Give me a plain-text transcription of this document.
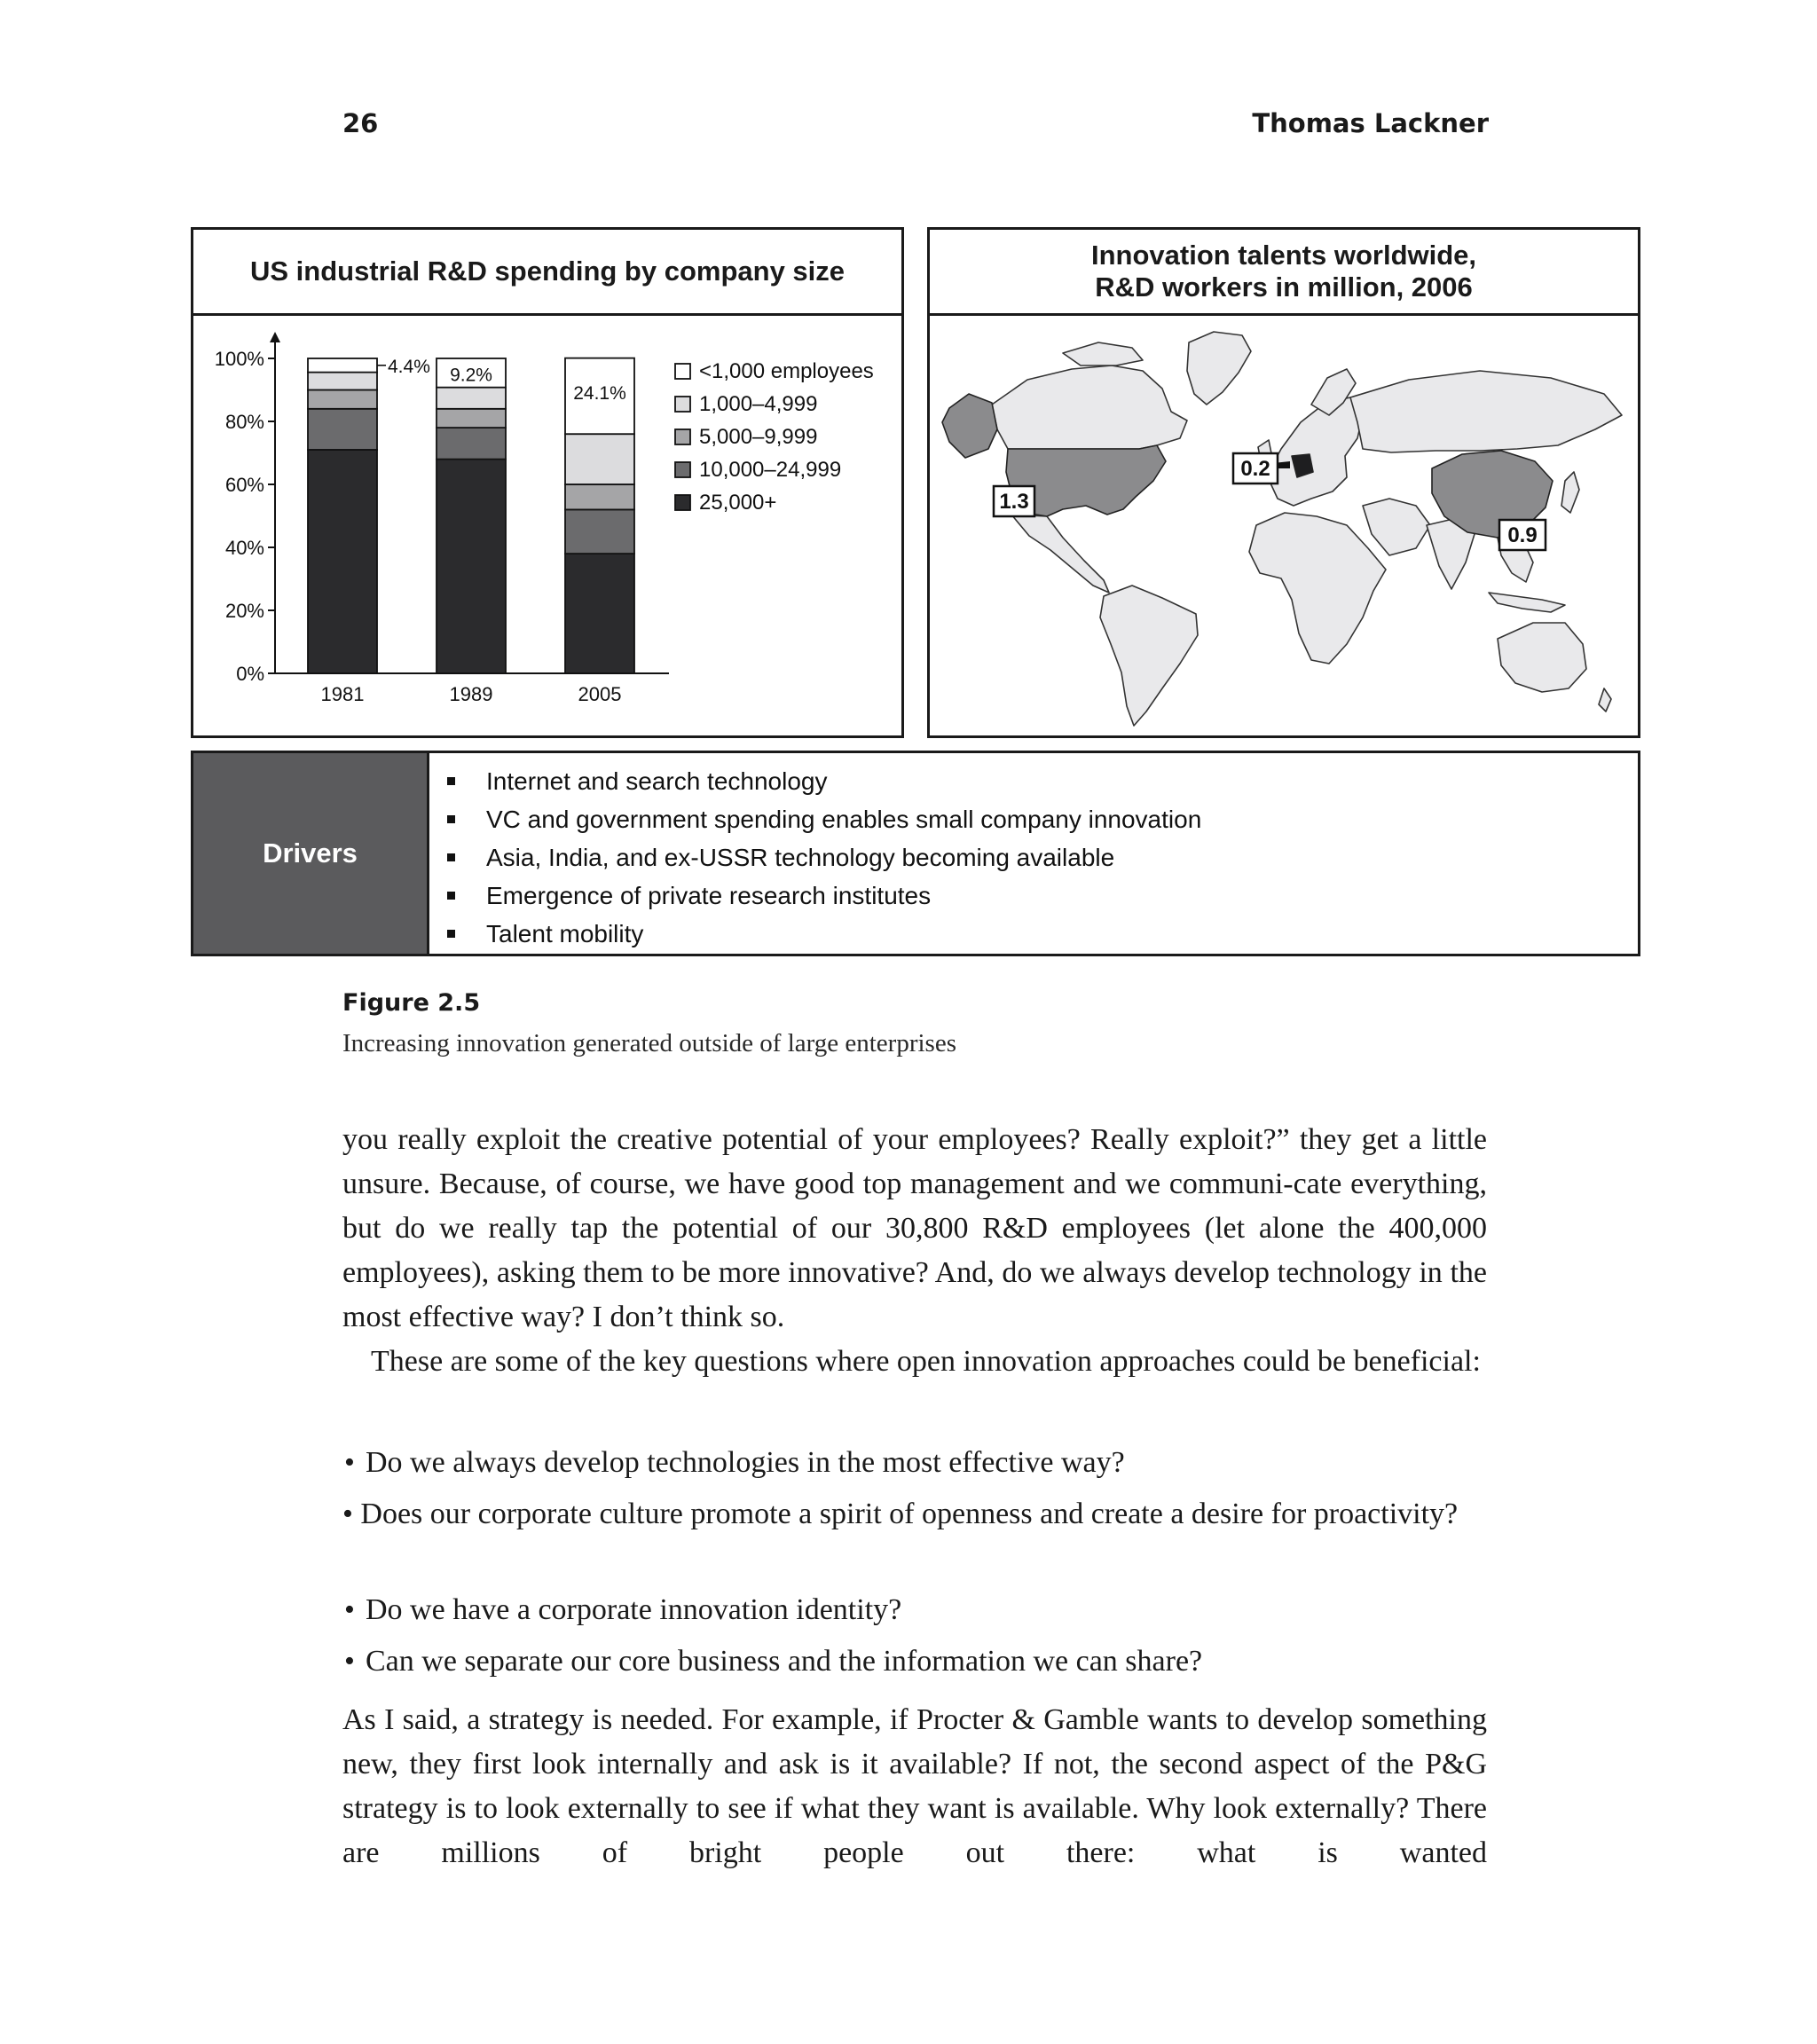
26	Thomas Lackner
US industrial R&D spending by company size
0%
20%
40%
60%
80%
100%
1981	1989	2005
4.4% 9.2%
24.1%
<1,000 employees
1,000–4,999
5,000–9,999
10,000–24,999
25,000+
Innovation talents worldwide,
R&D workers in million, 2006
1.3
0.2
0.9
Drivers
Internet and search technology
VC and government spending enables small company innovation
Asia, India, and ex-USSR technology becoming available
Emergence of private research institutes
Talent mobility
Figure 2.5
Increasing innovation generated outside of large enterprises

you really exploit the creative potential of your employees? Really exploit?” they get a little unsure. Because, of course, we have good top management and we communi-cate everything, but do we really tap the potential of our 30,800 R&D employees (let alone the 400,000 employees), asking them to be more innovative? And, do we always develop technology in the most effective way? I don’t think so.

These are some of the key questions where open innovation approaches could be beneficial:

• Do we always develop technologies in the most effective way?

• Does our corporate culture promote a spirit of openness and create a desire for proactivity?

• Do we have a corporate innovation identity?

• Can we separate our core business and the information we can share?

As I said, a strategy is needed. For example, if Procter & Gamble wants to develop something new, they first look internally and ask is it available? If not, the second aspect of the P&G strategy is to look externally to see if what they want is available. Why look externally? There are millions of bright people out there: what is wanted
